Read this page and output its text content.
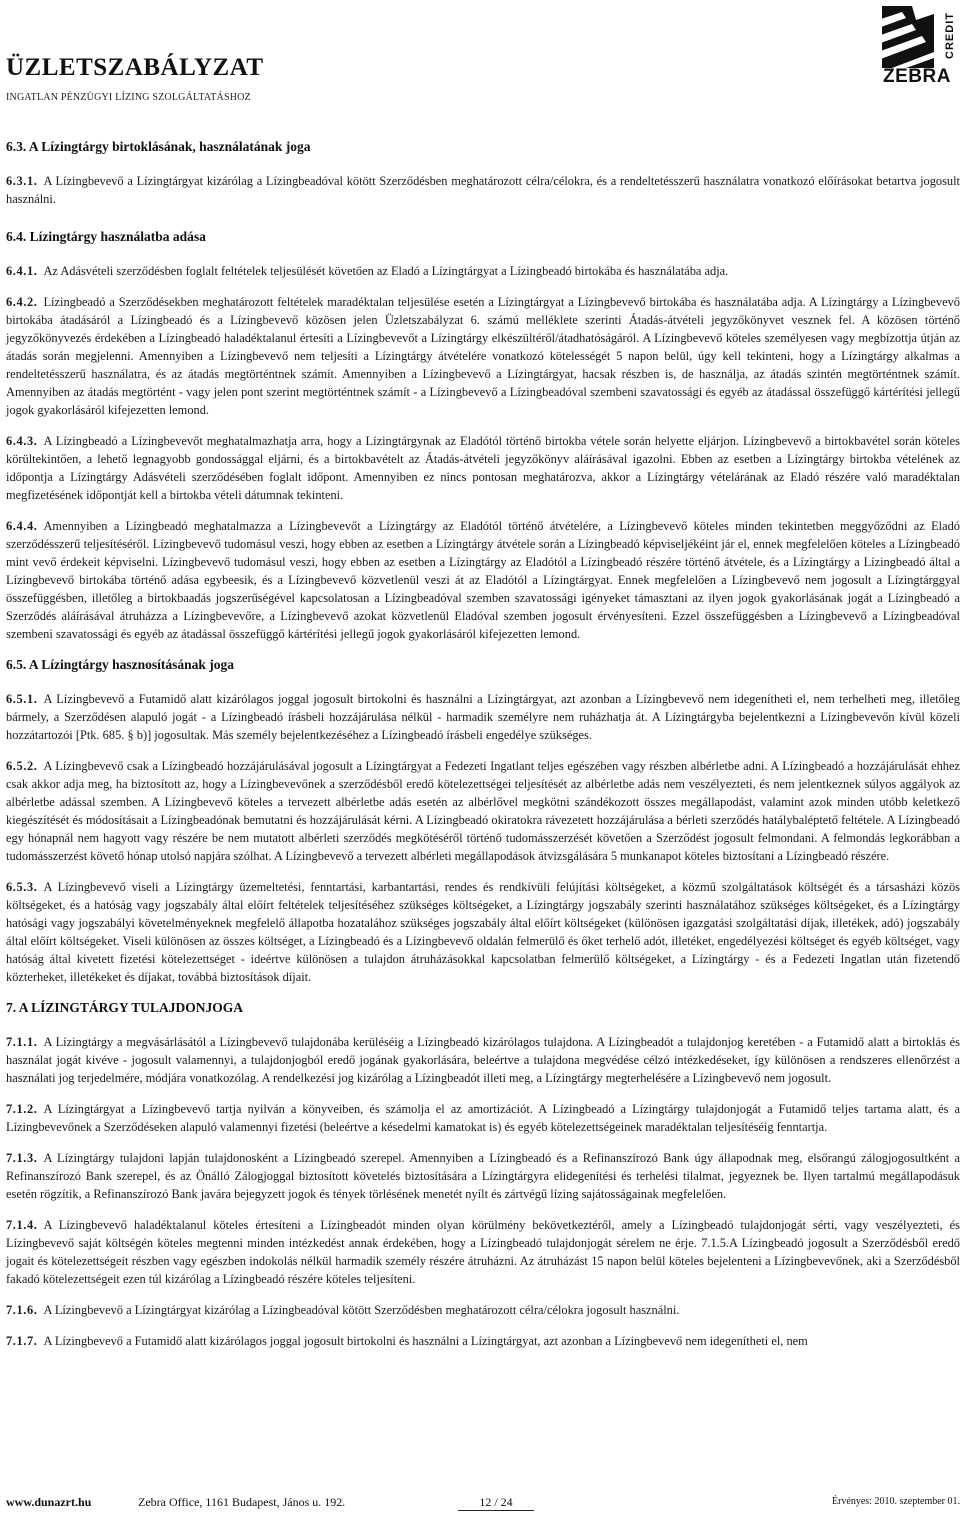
ÜZLETSZABÁLYZAT
INGATLAN PÉNZÜGYI LÍZING SZOLGÁLTATÁSHOZ
CREDIT
ZEBRA
6.3. A Lízingtárgy birtoklásának, használatának joga
6.3.1. A Lízingbevevő a Lízingtárgyat kizárólag a Lízingbeadóval kötött Szerződésben meghatározott célra/célokra, és a rendeltetésszerű használatra vonatkozó előírásokat betartva jogosult használni.
6.4. Lízingtárgy használatba adása
6.4.1. Az Adásvételi szerződésben foglalt feltételek teljesülését követően az Eladó a Lízingtárgyat a Lízingbeadó birtokába és használatába adja.
6.4.2. Lízingbeadó a Szerződésekben meghatározott feltételek maradéktalan teljesülése esetén a Lízingtárgyat a Lízingbevevő birtokába és használatába adja. A Lízingtárgy a Lízingbevevő birtokába átadásáról a Lízingbeadó és a Lízingbevevő közösen jelen Üzletszabályzat 6. számú melléklete szerinti Átadás-átvételi jegyzőkönyvet vesznek fel. A közösen történő jegyzőkönyvezés érdekében a Lízingbeadó haladéktalanul értesíti a Lízingbevevőt a Lízingtárgy elkészültéről/átadhatóságáról. A Lízingbevevő köteles személyesen vagy megbízottja útján az átadás során megjelenni. Amennyiben a Lízingbevevő nem teljesíti a Lízingtárgy átvételére vonatkozó kötelességét 5 napon belül, úgy kell tekinteni, hogy a Lízingtárgy alkalmas a rendeltetésszerű használatra, és az átadás megtörténtnek számít. Amennyiben a Lízingbevevő a Lízingtárgyat, hacsak részben is, de használja, az átadás szintén megtörténtnek számít. Amennyiben az átadás megtörtént - vagy jelen pont szerint megtörténtnek számít - a Lízingbevevő a Lízingbeadóval szembeni szavatossági és egyéb az átadással összefüggő kártérítési jellegű jogok gyakorlásáról kifejezetten lemond.
6.4.3. A Lízingbeadó a Lízingbevevőt meghatalmazhatja arra, hogy a Lízingtárgynak az Eladótól történő birtokba vétele során helyette eljárjon. Lízingbevevő a birtokbavétel során köteles körültekintően, a lehető legnagyobb gondossággal eljárni, és a birtokbavételt az Átadás-átvételi jegyzőkönyv aláírásával igazolni. Ebben az esetben a Lízingtárgy birtokba vételének az időpontja a Lízingtárgy Adásvételi szerződésében foglalt időpont. Amennyiben ez nincs pontosan meghatározva, akkor a Lízingtárgy vételárának az Eladó részére való maradéktalan megfizetésének időpontját kell a birtokba vételi dátumnak tekinteni.
6.4.4. Amennyiben a Lízingbeadó meghatalmazza a Lízingbevevőt a Lízingtárgy az Eladótól történő átvételére, a Lízingbevevő köteles minden tekintetben meggyőződni az Eladó szerződésszerű teljesítéséről. Lízingbevevő tudomásul veszi, hogy ebben az esetben a Lízingtárgy átvétele során a Lízingbeadó képviseljékéint jár el, ennek megfelelően köteles a Lízingbeadó mint vevő érdekeit képviselni. Lízingbevevő tudomásul veszi, hogy ebben az esetben a Lízingtárgy az Eladótól a Lízingbeadó részére történő átvétele, és a Lízingtárgy a Lízingbeadó által a Lízingbevevő birtokába történő adása egybeesik, és a Lízingbevevő közvetlenül veszi át az Eladótól a Lízingtárgyat. Ennek megfelelően a Lízingbevevő nem jogosult a Lízingtárggyal összefüggésben, illetőleg a birtokbaadás jogszerűségével kapcsolatosan a Lízingbeadóval szemben szavatossági igényeket támasztani az ilyen jogok gyakorlásának jogát a Lízingbeadó a Szerződés aláírásával átruházza a Lízingbevevőre, a Lízingbevevő azokat közvetlenül Eladóval szemben jogosult érvényesíteni. Ezzel összefüggésben a Lízingbevevő a Lízingbeadóval szembeni szavatossági és egyéb az átadással összefüggő kártérítési jellegű jogok gyakorlásáról kifejezetten lemond.
6.5. A Lízingtárgy hasznosításának joga
6.5.1. A Lízingbevevő a Futamidő alatt kizárólagos joggal jogosult birtokolni és használni a Lízingtárgyat, azt azonban a Lízingbevevő nem idegenítheti el, nem terhelheti meg, illetőleg bármely, a Szerződésen alapuló jogát - a Lízingbeadó írásbeli hozzájárulása nélkül - harmadik személyre nem ruházhatja át. A Lízingtárgyba bejelentkezni a Lízingbevevőn kívül közeli hozzátartozói [Ptk. 685. § b)] jogosultak. Más személy bejelentkezéséhez a Lízingbeadó írásbeli engedélye szükséges.
6.5.2. A Lízingbevevő csak a Lízingbeadó hozzájárulásával jogosult a Lízingtárgyat a Fedezeti Ingatlant teljes egészében vagy részben albérletbe adni. A Lízingbeadó a hozzájárulását ehhez csak akkor adja meg, ha biztosított az, hogy a Lízingbevevőnek a szerződésből eredő kötelezettségei teljesítését az albérletbe adás nem veszélyezteti, és nem jelentkeznek súlyos aggályok az albérletbe adással szemben. A Lízingbevevő köteles a tervezett albérletbe adás esetén az albérlővel megkötni szándékozott összes megállapodást, valamint azok minden utóbb keletkező kiegészítését és módosításait a Lízingbeadónak bemutatni és hozzájárulását kérni. A Lízingbeadó okiratokra rávezetett hozzájárulása a bérleti szerződés hatálybaléptető feltétele. A Lízingbeadó egy hónapnál nem hagyott vagy részére be nem mutatott albérleti szerződés megkötéséről történő tudomásszerzését követően a Szerződést jogosult felmondani. A felmondás legkorábban a tudomásszerzést követő hónap utolsó napjára szólhat. A Lízingbevevő a tervezett albérleti megállapodások átvizsgálására 5 munkanapot köteles biztosítani a Lízingbeadó részére.
6.5.3. A Lízingbevevő viseli a Lízingtárgy üzemeltetési, fenntartási, karbantartási, rendes és rendkívüli felújítási költségeket, a közmű szolgáltatások költségét és a társasházi közös költségeket, és a hatóság vagy jogszabály által előírt feltételek teljesítéséhez szükséges költségeket, a Lízingtárgy jogszabály szerinti használatához szükséges költségeket, és a Lízingtárgy hatósági vagy jogszabályi követelményeknek megfelelő állapotba hozatalához szükséges jogszabály által előírt költségeket (különösen igazgatási szolgáltatási díjak, illetékek, adó) jogszabály által előírt költségeket. Viseli különösen az összes költséget, a Lízingbeadó és a Lízingbevevő oldalán felmerülő és őket terhelő adót, illetéket, engedélyezési költséget és egyéb költséget, vagy hatóság által kivetett fizetési kötelezettséget - ideértve különösen a tulajdon átruházásokkal kapcsolatban felmerülő költségeket, a Lízingtárgy - és a Fedezeti Ingatlan után fizetendő közterheket, illetékeket és díjakat, továbbá biztosítások díjait.
7. A LÍZINGTÁRGY TULAJDONJOGA
7.1.1. A Lízingtárgy a megvásárlásától a Lízingbevevő tulajdonába kerüléséig a Lízingbeadó kizárólagos tulajdona. A Lízingbeadót a tulajdonjog keretében - a Futamidő alatt a birtoklás és használat jogát kivéve - jogosult valamennyi, a tulajdonjogból eredő jogának gyakorlására, beleértve a tulajdona megvédése célzó intézkedéseket, így különösen a rendszeres ellenőrzést a használati jog terjedelmére, módjára vonatkozólag. A rendelkezési jog kizárólag a Lízingbeadót illeti meg, a Lízingtárgy megterhelésére a Lízingbevevő nem jogosult.
7.1.2. A Lízingtárgyat a Lízingbevevő tartja nyilván a könyveiben, és számolja el az amortizációt. A Lízingbeadó a Lízingtárgy tulajdonjogát a Futamidő teljes tartama alatt, és a Lízingbevevőnek a Szerződéseken alapuló valamennyi fizetési (beleértve a késedelmi kamatokat is) és egyéb kötelezettségeinek maradéktalan teljesítéséig fenntartja.
7.1.3. A Lízingtárgy tulajdoni lapján tulajdonosként a Lízingbeadó szerepel. Amennyiben a Lízingbeadó és a Refinanszírozó Bank úgy állapodnak meg, elsőrangú zálogjogosultként a Refinanszírozó Bank szerepel, és az Önálló Zálogjoggal biztosított követelés biztosítására a Lízingtárgyra elidegenítési és terhelési tilalmat, jegyeznek be. Ilyen tartalmú megállapodásuk esetén rögzítik, a Refinanszírozó Bank javára bejegyzett jogok és tények törlésének menetét nyílt és zártvégű lízing sajátosságainak megfelelően.
7.1.4. A Lízingbevevő haladéktalanul köteles értesíteni a Lízingbeadót minden olyan körülmény bekövetkeztéről, amely a Lízingbeadó tulajdonjogát sérti, vagy veszélyezteti, és Lízingbevevő saját költségén köteles megtenni minden intézkedést annak érdekében, hogy a Lízingbeadó tulajdonjogát sérelem ne érje. 7.1.5.A Lízingbeadó jogosult a Szerződésből eredő jogait és kötelezettségeit részben vagy egészben indokolás nélkül harmadik személy részére átruházni. Az átruházást 15 napon belül köteles bejelenteni a Lízingbevevőnek, aki a Szerződésből fakadó kötelezettségeit ezen túl kizárólag a Lízingbeadó részére köteles teljesíteni.
7.1.6. A Lízingbevevő a Lízingtárgyat kizárólag a Lízingbeadóval kötött Szerződésben meghatározott célra/célokra jogosult használni.
7.1.7. A Lízingbevevő a Futamidő alatt kizárólagos joggal jogosult birtokolni és használni a Lízingtárgyat, azt azonban a Lízingbevevő nem idegenítheti el, nem
www.dunazrt.hu	Zebra Office, 1161 Budapest, János u. 192.	12 / 24	Érvényes: 2010. szeptember 01.
